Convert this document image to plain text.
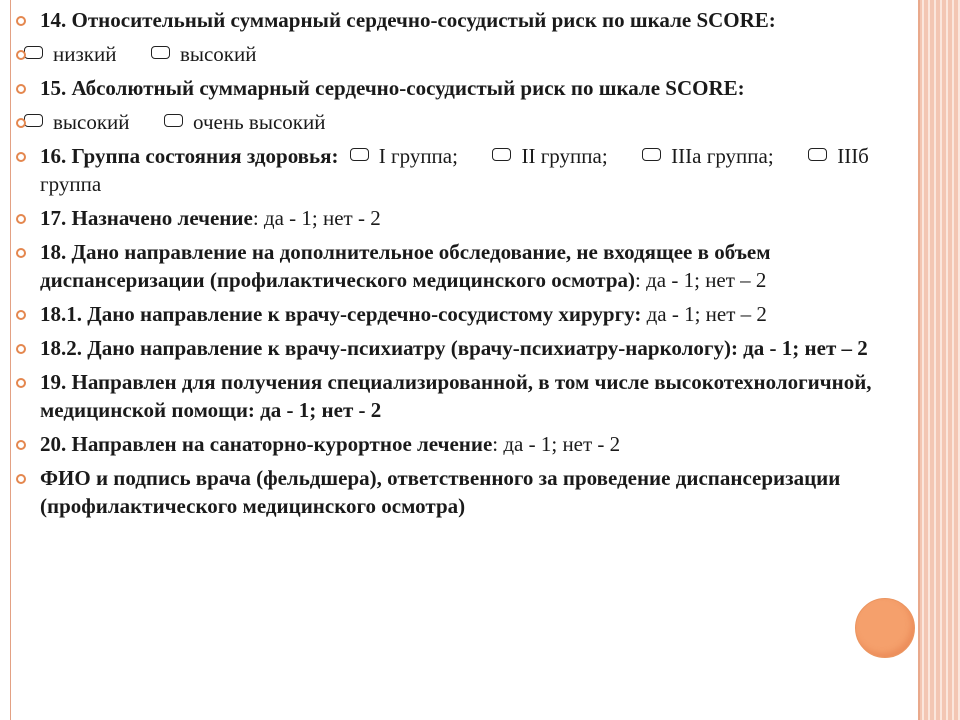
14. Относительный суммарный сердечно-сосудистый риск по шкале SCORE:
низкий	высокий
15. Абсолютный суммарный сердечно-сосудистый риск по шкале SCORE:
высокий	очень высокий
16. Группа состояния здоровья: I группа;	II группа;	IIIa группа;	IIIб группа
17. Назначено лечение: да - 1; нет - 2
18. Дано направление на дополнительное обследование, не входящее в объем диспансеризации (профилактического медицинского осмотра): да - 1; нет – 2
18.1. Дано направление к врачу-сердечно-сосудистому хирургу: да - 1; нет – 2
18.2. Дано направление к врачу-психиатру (врачу-психиатру-наркологу): да - 1; нет – 2
19. Направлен для получения специализированной, в том числе высокотехнологичной, медицинской помощи: да - 1; нет - 2
20. Направлен на санаторно-курортное лечение: да - 1; нет - 2
ФИО и подпись врача (фельдшера), ответственного за проведение диспансеризации (профилактического медицинского осмотра)
